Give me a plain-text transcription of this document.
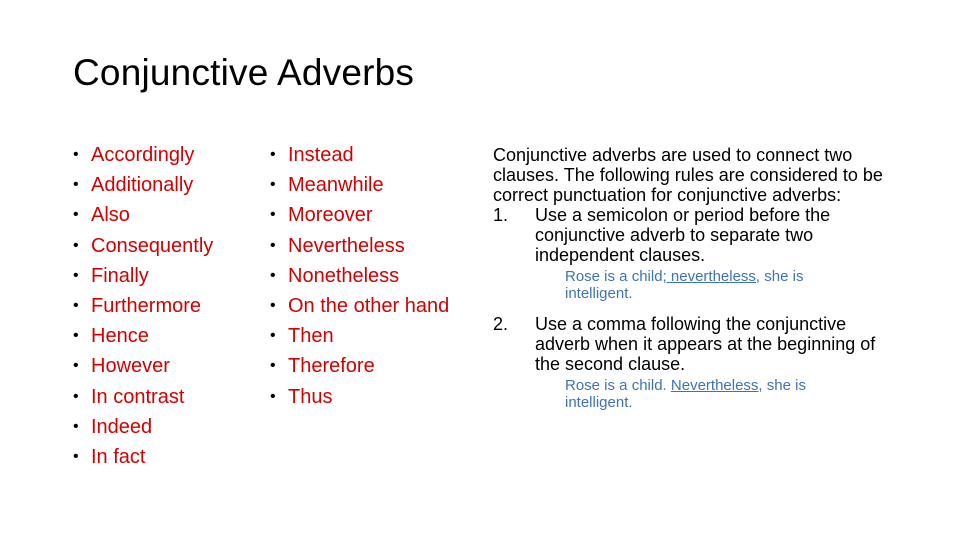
Conjunctive Adverbs
• Accordingly
• Additionally
• Also
• Consequently
• Finally
• Furthermore
• Hence
• However
• In contrast
• Indeed
• In fact
• Instead
• Meanwhile
• Moreover
• Nevertheless
• Nonetheless
• On the other hand
• Then
• Therefore
• Thus

Conjunctive adverbs are used to connect two clauses. The following rules are considered to be correct punctuation for conjunctive adverbs:

1. Use a semicolon or period before the conjunctive adverb to separate two independent clauses.
Rose is a child; nevertheless, she is intelligent.
2. Use a comma following the conjunctive adverb when it appears at the beginning of the second clause.
Rose is a child. Nevertheless, she is intelligent.
